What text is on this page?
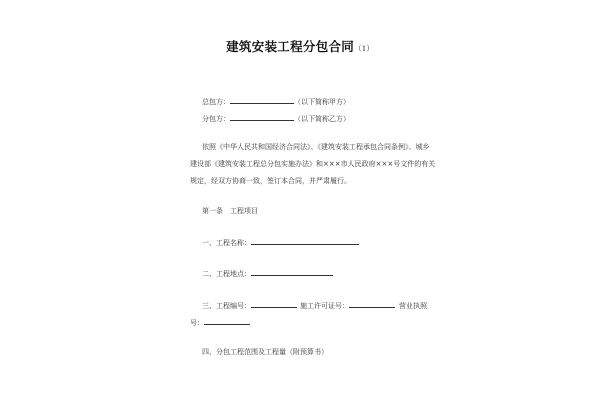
建筑安装工程分包合同（1）
总包方：	（以下简称甲方）
分包方：	（以下简称乙方）
依照《中华人民共和国经济合同法》、《建筑安装工程承包合同条例》、城乡
建设部《建筑安装工程总分包实施办法》和×××市人民政府×××号文件的有关
规定，经双方协商一致，签订本合同，并严肃履行。
第一条　工程项目
一、工程名称：
二、工程地点：
三、工程编号：	施工许可证号：	营业执照
号：
四、分包工程范围及工程量（附预算书）
